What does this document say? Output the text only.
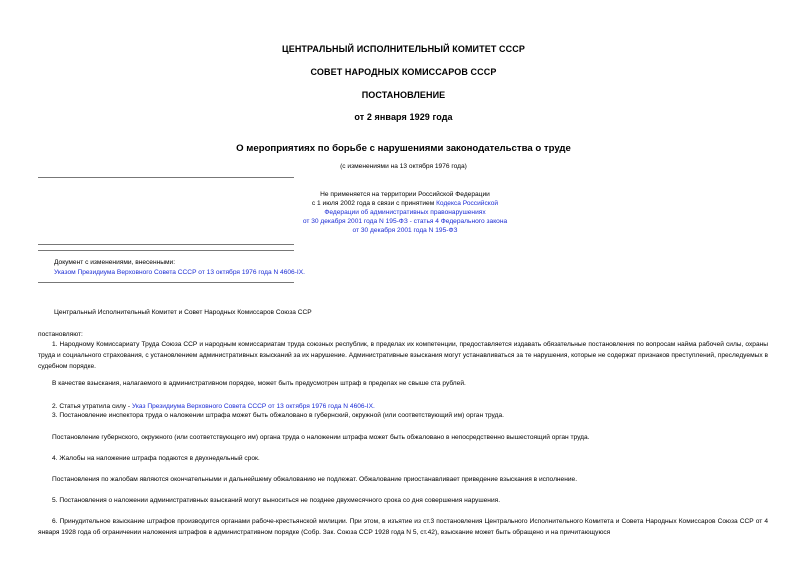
ЦЕНТРАЛЬНЫЙ ИСПОЛНИТЕЛЬНЫЙ КОМИТЕТ СССР
СОВЕТ НАРОДНЫХ КОМИССАРОВ СССР
ПОСТАНОВЛЕНИЕ
от 2 января 1929 года
О мероприятиях по борьбе с нарушениями законодательства о труде
(с изменениями на 13 октября 1976 года)
Не применяется на территории Российской Федерации
с 1 июля 2002 года в связи с принятием Кодекса Российской
Федерации об административных правонарушениях
от 30 декабря 2001 года N 195-ФЗ - статья 4 Федерального закона
от 30 декабря 2001 года N 195-ФЗ
Документ с изменениями, внесенными:
Указом Президиума Верховного Совета СССР от 13 октября 1976 года N 4606-IX.
Центральный Исполнительный Комитет и Совет Народных Комиссаров Союза ССР
постановляют:
1. Народному Комиссариату Труда Союза ССР и народным комиссариатам труда союзных республик, в пределах их компетенции, предоставляется издавать обязательные постановления по вопросам найма рабочей силы, охраны труда и социального страхования, с установлением административных взысканий за их нарушение. Административные взыскания могут устанавливаться за те нарушения, которые не содержат признаков преступлений, преследуемых в судебном порядке.
В качестве взыскания, налагаемого в административном порядке, может быть предусмотрен штраф в пределах не свыше ста рублей.
2. Статья утратила силу - Указ Президиума Верховного Совета СССР от 13 октября 1976 года N 4606-IX.
3. Постановление инспектора труда о наложении штрафа может быть обжаловано в губернский, окружной (или соответствующий им) орган труда.
Постановление губернского, окружного (или соответствующего им) органа труда о наложении штрафа может быть обжаловано в непосредственно вышестоящий орган труда.
4. Жалобы на наложение штрафа подаются в двухнедельный срок.
Постановления по жалобам являются окончательными и дальнейшему обжалованию не подлежат. Обжалование приостанавливает приведение взыскания в исполнение.
5. Постановления о наложении административных взысканий могут выноситься не позднее двухмесячного срока со дня совершения нарушения.
6. Принудительное взыскание штрафов производится органами рабоче-крестьянской милиции. При этом, в изъятие из ст.3 постановления Центрального Исполнительного Комитета и Совета Народных Комиссаров Союза ССР от 4 января 1928 года об ограничении наложения штрафов в административном порядке (Собр. Зак. Союза ССР 1928 года N 5, ст.42), взыскание может быть обращено и на причитающуюся
